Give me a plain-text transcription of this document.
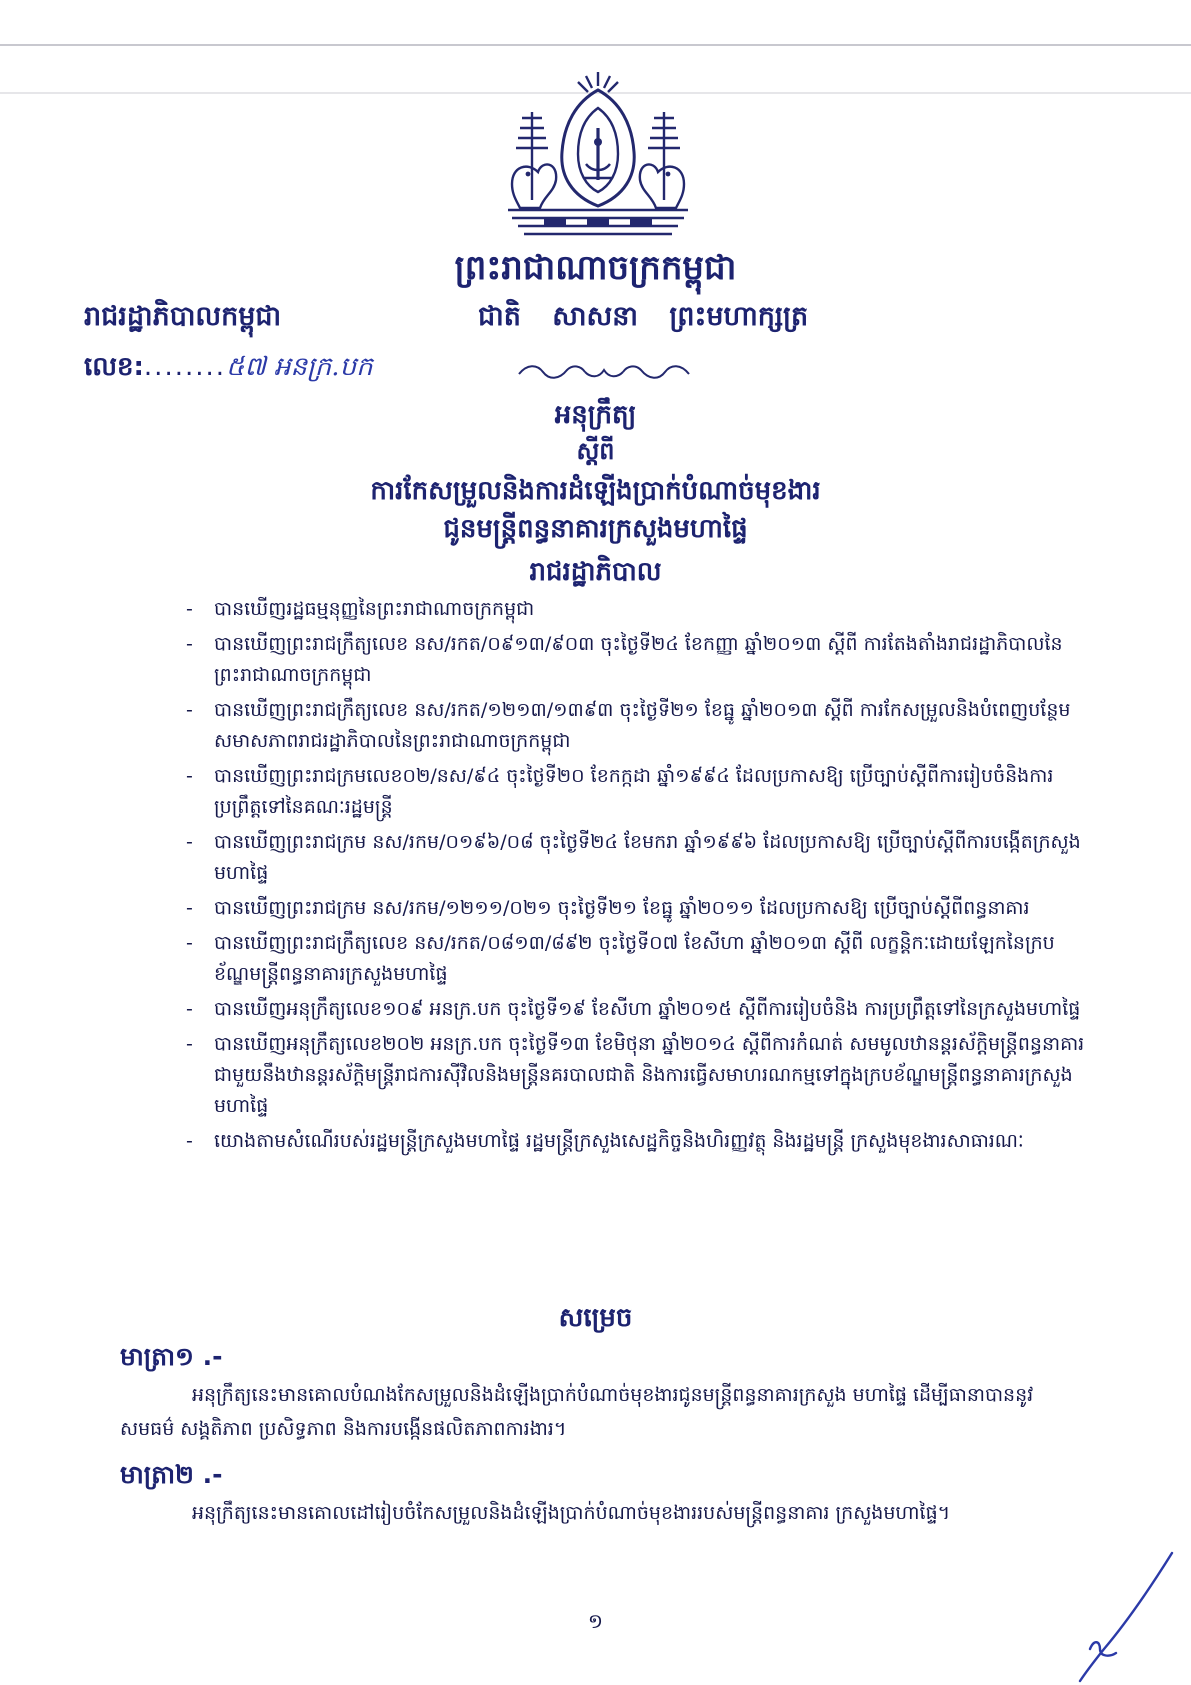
ព្រះរាជាណាចក្រកម្ពុជា
រាជរដ្ឋាភិបាលកម្ពុជា	ជាតិ សាសនា ព្រះមហាក្សត្រ
លេខ:........៥៧ អនក្រ.បក
អនុក្រឹត្យ
ស្តីពី
ការកែសម្រួលនិងការដំឡើងប្រាក់បំណាច់មុខងារ
ជូនមន្ត្រីពន្ធនាគារក្រសួងមហាផ្ទៃ
រាជរដ្ឋាភិបាល
- បានឃើញរដ្ឋធម្មនុញ្ញនៃព្រះរាជាណាចក្រកម្ពុជា
- បានឃើញព្រះរាជក្រឹត្យលេខ នស/រកត/០៩១៣/៩០៣ ចុះថ្ងៃទី២៤ ខែកញ្ញា ឆ្នាំ២០១៣ ស្តីពី ការតែងតាំងរាជរដ្ឋាភិបាលនៃព្រះរាជាណាចក្រកម្ពុជា
- បានឃើញព្រះរាជក្រឹត្យលេខ នស/រកត/១២១៣/១៣៩៣ ចុះថ្ងៃទី២១ ខែធ្នូ ឆ្នាំ២០១៣ ស្តីពី ការកែសម្រួលនិងបំពេញបន្ថែមសមាសភាពរាជរដ្ឋាភិបាលនៃព្រះរាជាណាចក្រកម្ពុជា
- បានឃើញព្រះរាជក្រមលេខ០២/នស/៩៤ ចុះថ្ងៃទី២០ ខែកក្កដា ឆ្នាំ១៩៩៤ ដែលប្រកាសឱ្យ ប្រើច្បាប់ស្តីពីការរៀបចំនិងការប្រព្រឹត្តទៅនៃគណៈរដ្ឋមន្ត្រី
- បានឃើញព្រះរាជក្រម នស/រកម/០១៩៦/០៨ ចុះថ្ងៃទី២៤ ខែមករា ឆ្នាំ១៩៩៦ ដែលប្រកាសឱ្យ ប្រើច្បាប់ស្តីពីការបង្កើតក្រសួងមហាផ្ទៃ
- បានឃើញព្រះរាជក្រម នស/រកម/១២១១/០២១ ចុះថ្ងៃទី២១ ខែធ្នូ ឆ្នាំ២០១១ ដែលប្រកាសឱ្យ ប្រើច្បាប់ស្តីពីពន្ធនាគារ
- បានឃើញព្រះរាជក្រឹត្យលេខ នស/រកត/០៨១៣/៨៩២ ចុះថ្ងៃទី០៧ ខែសីហា ឆ្នាំ២០១៣ ស្តីពី លក្ខន្តិកៈដោយឡែកនៃក្របខ័ណ្ឌមន្ត្រីពន្ធនាគារក្រសួងមហាផ្ទៃ
- បានឃើញអនុក្រឹត្យលេខ១០៩ អនក្រ.បក ចុះថ្ងៃទី១៩ ខែសីហា ឆ្នាំ២០១៥ ស្តីពីការរៀបចំនិង ការប្រព្រឹត្តទៅនៃក្រសួងមហាផ្ទៃ
- បានឃើញអនុក្រឹត្យលេខ២០២ អនក្រ.បក ចុះថ្ងៃទី១៣ ខែមិថុនា ឆ្នាំ២០១៤ ស្តីពីការកំណត់ សមមូលឋានន្តរស័ក្តិមន្ត្រីពន្ធនាគារជាមួយនឹងឋានន្តរស័ក្តិមន្ត្រីរាជការស៊ីវិលនិងមន្ត្រីនគរបាលជាតិ និងការធ្វើសមាហរណកម្មទៅក្នុងក្របខ័ណ្ឌមន្ត្រីពន្ធនាគារក្រសួងមហាផ្ទៃ
- យោងតាមសំណើរបស់រដ្ឋមន្ត្រីក្រសួងមហាផ្ទៃ រដ្ឋមន្ត្រីក្រសួងសេដ្ឋកិច្ចនិងហិរញ្ញវត្ថុ និងរដ្ឋមន្ត្រី ក្រសួងមុខងារសាធារណៈ
សម្រេច
មាត្រា១ .-
អនុក្រឹត្យនេះមានគោលបំណងកែសម្រួលនិងដំឡើងប្រាក់បំណាច់មុខងារជូនមន្ត្រីពន្ធនាគារក្រសួង មហាផ្ទៃ ដើម្បីធានាបាននូវសមធម៌ សង្គតិភាព ប្រសិទ្ធភាព និងការបង្កើនផលិតភាពការងារ។
មាត្រា២ .-
អនុក្រឹត្យនេះមានគោលដៅរៀបចំកែសម្រួលនិងដំឡើងប្រាក់បំណាច់មុខងាររបស់មន្ត្រីពន្ធនាគារ ក្រសួងមហាផ្ទៃ។
១
